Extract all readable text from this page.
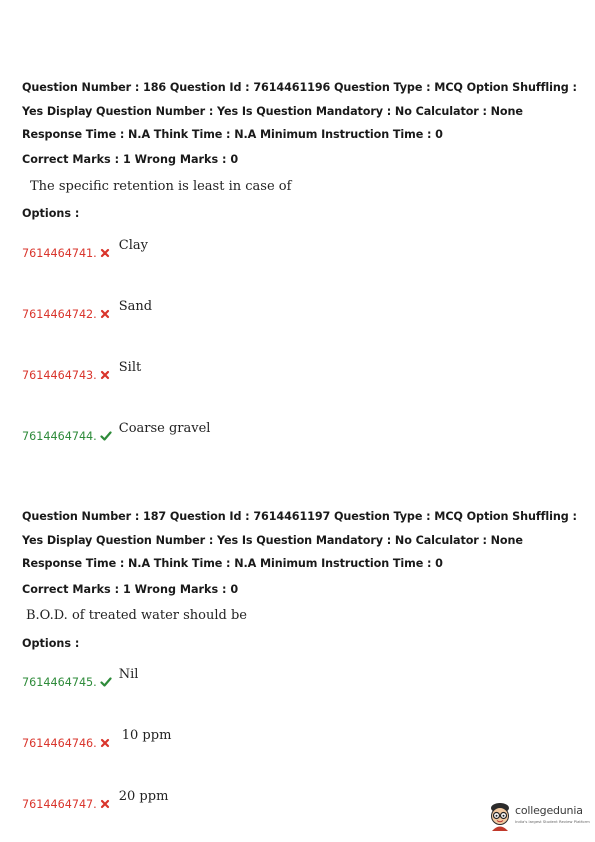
Question Number : 186 Question Id : 7614461196 Question Type : MCQ Option Shuffling : Yes Display Question Number : Yes Is Question Mandatory : No Calculator : None Response Time : N.A Think Time : N.A Minimum Instruction Time : 0
Correct Marks : 1 Wrong Marks : 0
The specific retention is least in case of
Options :
7614464741.
Clay
7614464742.
Sand
7614464743.
Silt
7614464744.
Coarse gravel
Question Number : 187 Question Id : 7614461197 Question Type : MCQ Option Shuffling : Yes Display Question Number : Yes Is Question Mandatory : No Calculator : None Response Time : N.A Think Time : N.A Minimum Instruction Time : 0
Correct Marks : 1 Wrong Marks : 0
B.O.D. of treated water should be
Options :
7614464745.
Nil
7614464746.
10 ppm
7614464747.
20 ppm
collegedunia
India's largest Student Review Platform
